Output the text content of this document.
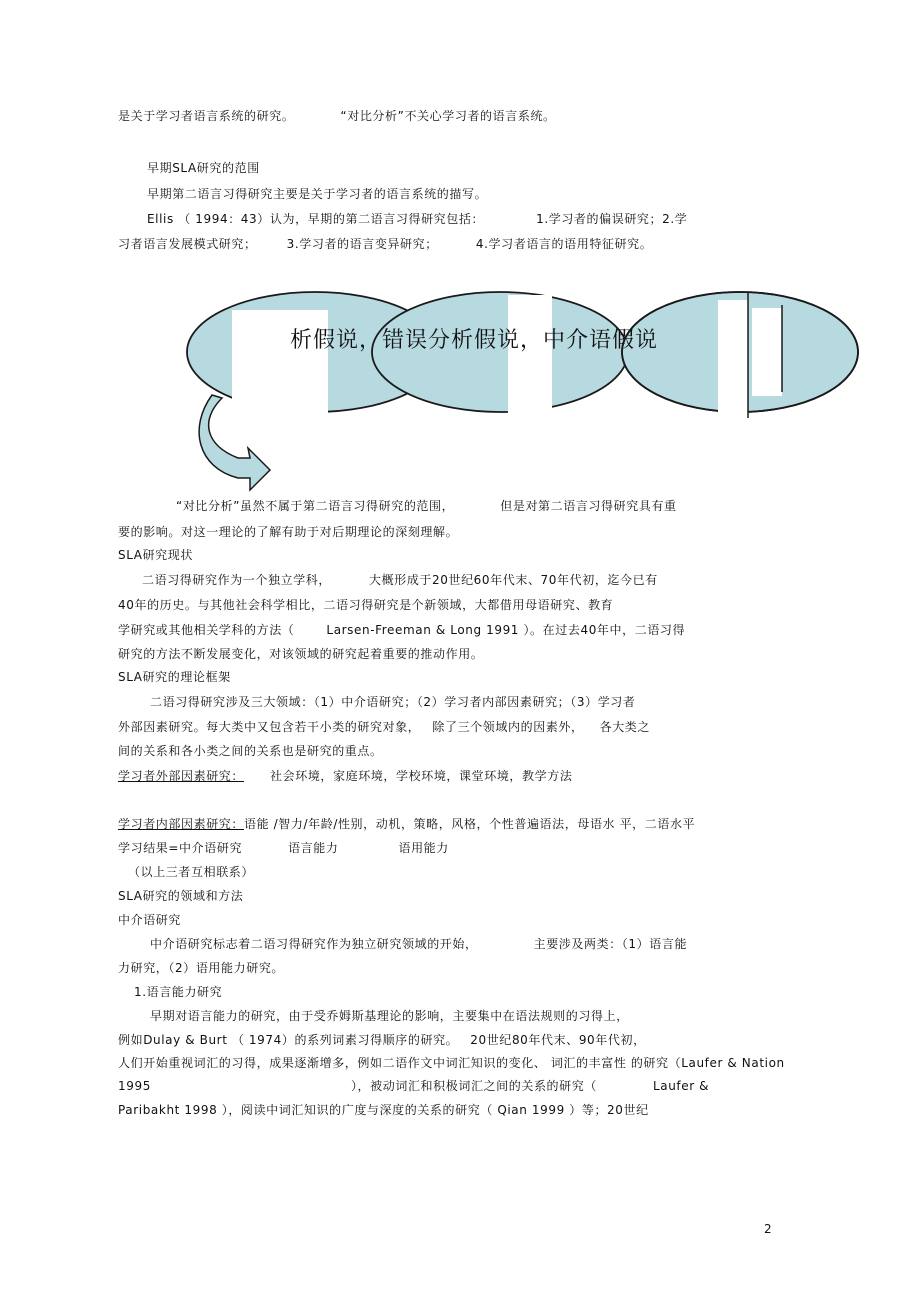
是关于学习者语言系统的研究。	“对比分析”不关心学习者的语言系统。
早期SLA研究的范围
早期第二语言习得研究主要是关于学习者的语言系统的描写。
Ellis （ 1994：43）认为，早期的第二语言习得研究包括：	1.学习者的偏误研究；2.学
习者语言发展模式研究；	3.学习者的语言变异研究；	4.学习者语言的语用特征研究。
析假说，错误分析假说，中介语假说
“对比分析”虽然不属于第二语言习得研究的范围，	但是对第二语言习得研究具有重
要的影响。对这一理论的了解有助于对后期理论的深刻理解。
SLA研究现状
二语习得研究作为一个独立学科，	大概形成于20世纪60年代末、70年代初，迄今已有
40年的历史。与其他社会科学相比，二语习得研究是个新领域，大都借用母语研究、教育
学研究或其他相关学科的方法（	Larsen-Freeman & Long 1991 ）。在过去40年中，二语习得
研究的方法不断发展变化，对该领域的研究起着重要的推动作用。
SLA研究的理论框架
二语习得研究涉及三大领域：（1）中介语研究；（2）学习者内部因素研究；（3）学习者
外部因素研究。每大类中又包含若干小类的研究对象， 除了三个领域内的因素外， 各大类之
间的关系和各小类之间的关系也是研究的重点。
学习者外部因素研究： 社会环境，家庭环境，学校环境，课堂环境，教学方法
学习者内部因素研究：语能 /智力/年龄/性别，动机，策略，风格，个性普遍语法，母语水 平，二语水平
学习结果=中介语研究	语言能力	语用能力
（以上三者互相联系）
SLA研究的领域和方法
中介语研究
中介语研究标志着二语习得研究作为独立研究领域的开始，	主要涉及两类：（1）语言能
力研究，（2）语用能力研究。
1.语言能力研究
早期对语言能力的研究，由于受乔姆斯基理论的影响，主要集中在语法规则的习得上，
例如Dulay & Burt （ 1974）的系列词素习得顺序的研究。 20世纪80年代末、90年代初，
人们开始重视词汇的习得，成果逐渐增多，例如二语作文中词汇知识的变化、 词汇的丰富性 的研究（Laufer & Nation
1995	），被动词汇和积极词汇之间的关系的研究（	Laufer &
Paribakht 1998 ），阅读中词汇知识的广度与深度的关系的研究（ Qian 1999 ）等；20世纪
2
